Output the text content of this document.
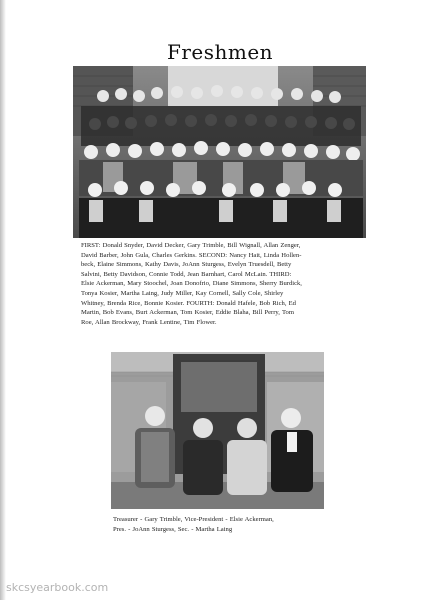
Freshmen
FIRST: Donald Snyder, David Decker, Gary Trimble, Bill Wignall, Allan Zenger,
David Barber, John Gula, Charles Gerkins. SECOND: Nancy Hait, Linda Hollen-
beck, Elaine Simmons, Kathy Davis, JoAnn Sturgess, Evelyn Truesdell, Betty
Salvini, Betty Davidson, Connie Todd, Jean Barnhart, Carol McLain. THIRD:
Elsie Ackerman, Mary Stoochel, Joan Donofrio, Diane Simmons, Sherry Burdick,
Tonya Kosier, Martha Laing, Judy Miller, Kay Cornell, Sally Cole, Shirley
Whitney, Brenda Rice, Bonnie Kosier. FOURTH: Donald Hafele, Bob Rich, Ed
Martin, Bob Evans, Burt Ackerman, Tom Kosier, Eddie Blaha, Bill Perry, Tom
Roe, Allan Brockway, Frank Lentine, Tim Flower.
Treasurer - Gary Trimble, Vice-President - Elsie Ackerman,
Pres. - JoAnn Sturgess, Sec. - Martha Laing
skcsyearbook.com
